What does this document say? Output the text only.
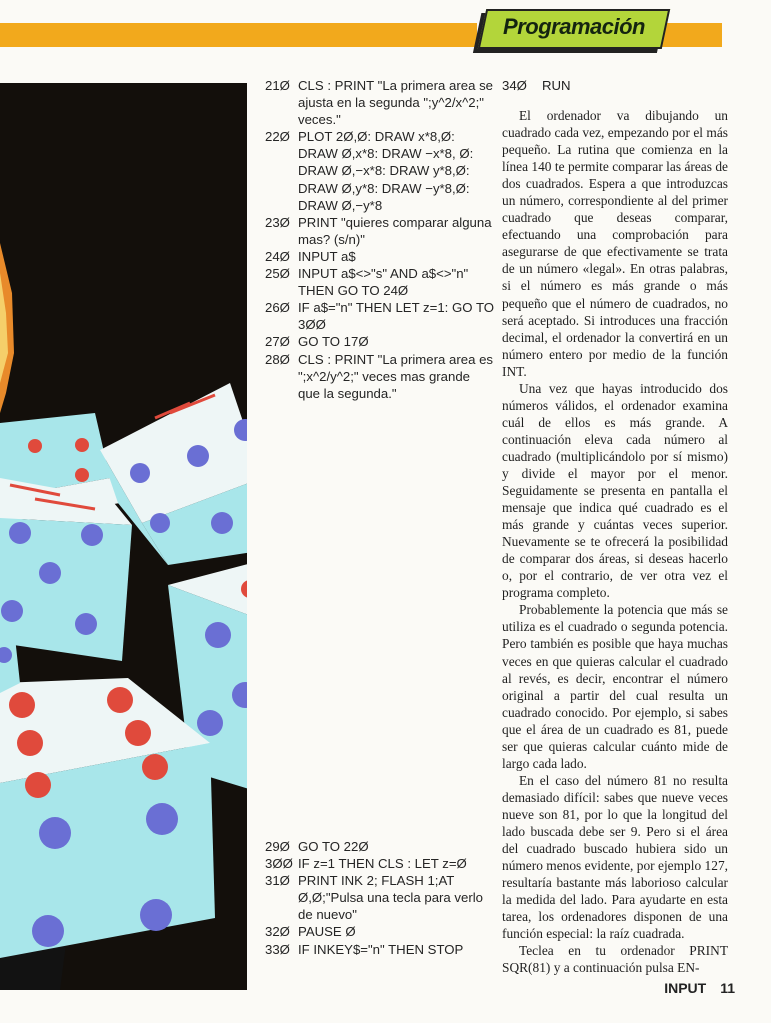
Programación
21Ø CLS : PRINT "La primera area se ajusta en la segunda ";y^2/x^2;" veces."
22Ø PLOT 2Ø,Ø: DRAW x*8,Ø: DRAW Ø,x*8: DRAW −x*8, Ø: DRAW Ø,−x*8: DRAW y*8,Ø: DRAW Ø,y*8: DRAW −y*8,Ø: DRAW Ø,−y*8
23Ø PRINT "quieres comparar alguna mas? (s/n)"
24Ø INPUT a$
25Ø INPUT a$<>"s" AND a$<>"n" THEN GO TO 24Ø
26Ø IF a$="n" THEN LET z=1: GO TO 3ØØ
27Ø GO TO 17Ø
28Ø CLS : PRINT "La primera area es ";x^2/y^2;" veces mas grande que la segunda."
29Ø GO TO 22Ø
3ØØ IF z=1 THEN CLS : LET z=Ø
31Ø PRINT INK 2; FLASH 1;AT Ø,Ø;"Pulsa una tecla para verlo de nuevo"
32Ø PAUSE Ø
33Ø IF INKEY$="n" THEN STOP
34Ø	RUN

El ordenador va dibujando un cuadrado cada vez, empezando por el más pequeño. La rutina que comienza en la línea 140 te permite comparar las áreas de dos cuadrados. Espera a que introduzcas un número, correspondiente al del primer cuadrado que deseas comparar, efectuando una comprobación para asegurarse de que efectivamente se trata de un número «legal». En otras palabras, si el número es más grande o más pequeño que el número de cuadrados, no será aceptado. Si introduces una fracción decimal, el ordenador la convertirá en un número entero por medio de la función INT.

Una vez que hayas introducido dos números válidos, el ordenador examina cuál de ellos es más grande. A continuación eleva cada número al cuadrado (multiplicándolo por sí mismo) y divide el mayor por el menor. Seguidamente se presenta en pantalla el mensaje que indica qué cuadrado es el más grande y cuántas veces superior. Nuevamente se te ofrecerá la posibilidad de comparar dos áreas, si deseas hacerlo o, por el contrario, de ver otra vez el programa completo.

Probablemente la potencia que más se utiliza es el cuadrado o segunda potencia. Pero también es posible que haya muchas veces en que quieras calcular el cuadrado al revés, es decir, encontrar el número original a partir del cual resulta un cuadrado conocido. Por ejemplo, si sabes que el área de un cuadrado es 81, puede ser que quieras calcular cuánto mide de largo cada lado.

En el caso del número 81 no resulta demasiado difícil: sabes que nueve veces nueve son 81, por lo que la longitud del lado buscada debe ser 9. Pero si el área del cuadrado buscado hubiera sido un número menos evidente, por ejemplo 127, resultaría bastante más laborioso calcular la medida del lado. Para ayudarte en esta tarea, los ordenadores disponen de una función especial: la raíz cuadrada.

Teclea en tu ordenador PRINT SQR(81) y a continuación pulsa EN-

INPUT 11
